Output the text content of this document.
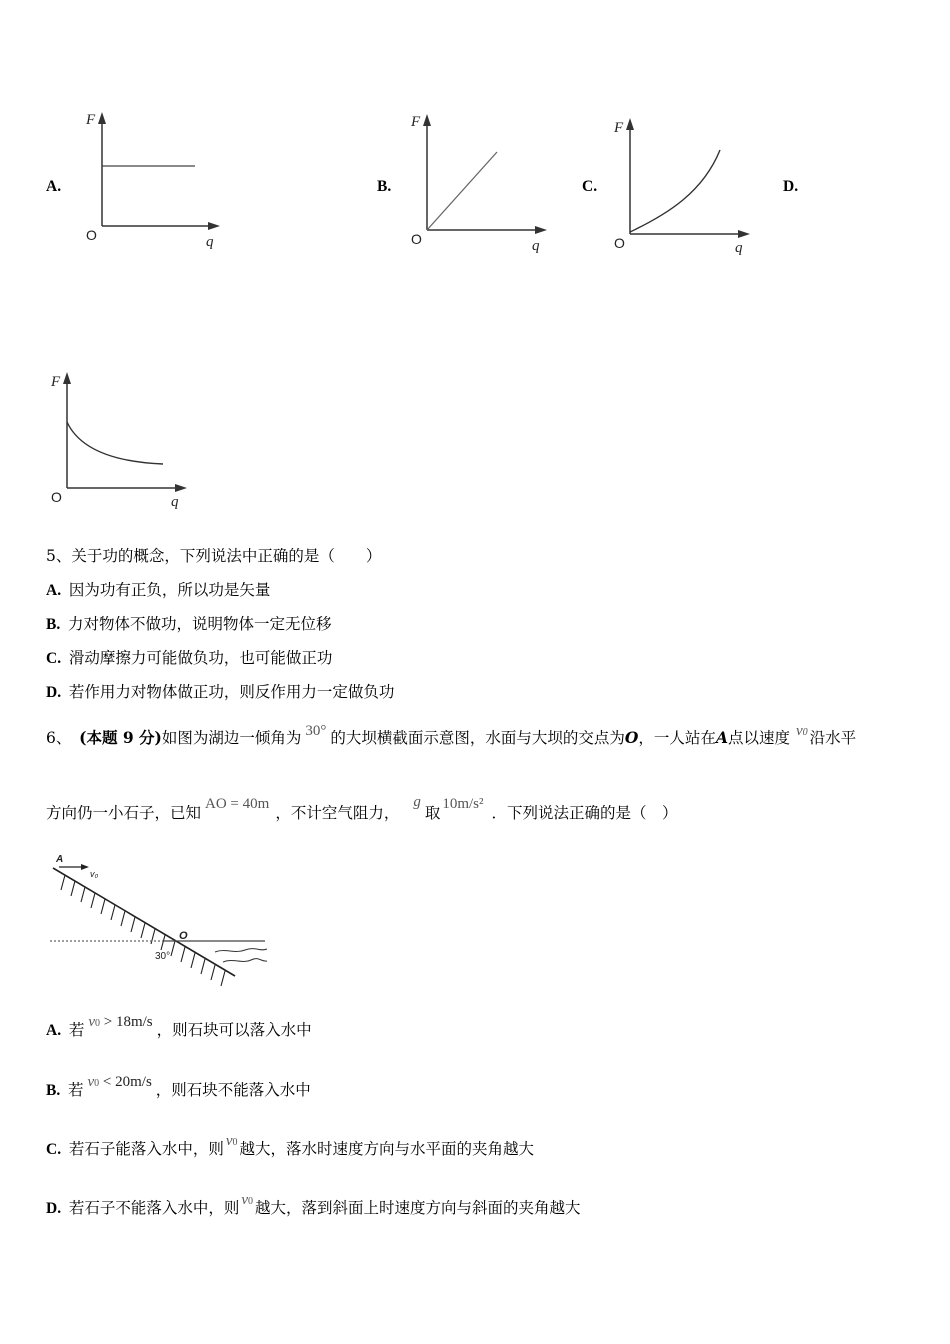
A.	B.	C.	D.
F
q
O
F
q
O
F
q
O
F
q
O
5、关于功的概念，下列说法中正确的是（　　）
A.  因为功有正负，所以功是矢量
B.  力对物体不做功，说明物体一定无位移
C.  滑动摩擦力可能做负功，也可能做正功
D.  若作用力对物体做正功，则反作用力一定做负功
6、  (本题 9 分)如图为湖边一倾角为 30° 的大坝横截面示意图，水面与大坝的交点为O，一人站在A点以速度 v0 沿水平
方向仍一小石子，已知 AO = 40m ，不计空气阻力，g取 10m/s² ．下列说法正确的是（　）
A
v₀
O
30°
A.  若 v0 > 18m/s ，则石块可以落入水中
B.  若 v0 < 20m/s ，则石块不能落入水中
C.  若石子能落入水中，则 v0 越大，落水时速度方向与水平面的夹角越大
D.  若石子不能落入水中，则 v0 越大，落到斜面上时速度方向与斜面的夹角越大
